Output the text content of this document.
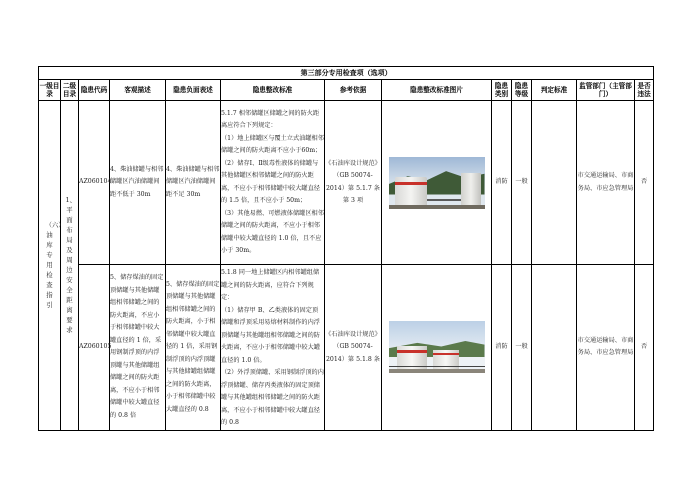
第三部分专用检查项（选项）												
一级目录	二级目录	隐患代码	客观描述	隐患负面表述	隐患整改标准	参考依据	隐患整改标准图片	隐患类别	隐患等级	判定标准	监管部门（主管部门）	是否违法

（六）油库专用检查指引	1、平面布局及周边安全距离要求	AZ060104	4、柴油储罐与相邻储罐区汽油储罐间距不低于 30m	4、柴油储罐与相邻储罐区汽油储罐间距不足 30m	5.1.7 相邻储罐区储罐之间的防火距离应符合下列规定：
（1）地上储罐区与覆土立式油罐相邻储罐之间的防火距离不应小于60m；
（2）储存Ⅰ、Ⅱ级毒性液体的储罐与其他储罐区相邻储罐之间的防火距离，不应小于相邻储罐中较大罐直径的 1.5 倍，且不应小于 50m；
（3）其他易燃、可燃液体储罐区相邻储罐之间的防火距离，不应小于相邻储罐中较大罐直径的 1.0 倍，且不应小于 30m。	《石油库设计规范》（GB 50074-2014）第 5.1.7 条第 3 项		消防	一般		市交通运输局、市商务局、市应急管理局	否
		AZ060105	5、储存煤油的固定顶储罐与其他储罐组相邻储罐之间的防火距离，不应小于相邻储罐中较大罐直径的 1 倍，采用钢制浮顶的内浮顶罐与其他储罐组储罐之间的防火距离，不应小于相邻储罐中较大罐直径的 0.8 倍	5、储存煤油的固定顶储罐与其他储罐组相邻储罐之间的防火距离，小于相邻储罐中较大罐直径的 1 倍，采用钢制浮顶的内浮顶罐与其他储罐组储罐之间的防火距离，小于相邻储罐中较大罐直径的 0.8	5.1.8 同一地上储罐区内相邻罐组储罐之间的防火距离，应符合下列规定：
（1）储存甲 B、乙类液体的固定顶储罐和浮顶采用易熔材料制作的内浮顶储罐与其他罐组相邻储罐之间的防火距离，不应小于相邻储罐中较大罐直径的 1.0 倍。
（2）外浮顶储罐、采用钢制浮顶的内浮顶储罐、储存丙类液体的固定顶储罐与其他罐组相邻储罐之间的防火距离，不应小于相邻储罐中较大罐直径的 0.8	《石油库设计规范》（GB 50074-2014）第 5.1.8 条		消防	一般		市交通运输局、市商务局、市应急管理局	否
